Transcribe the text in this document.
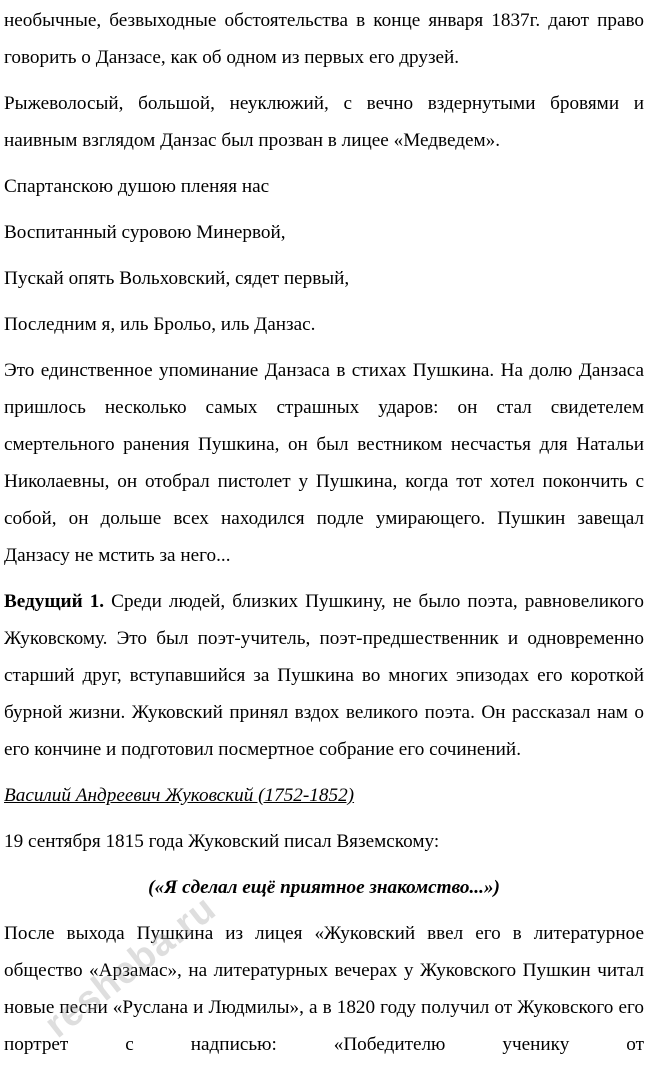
необычные, безвыходные обстоятельства в конце января 1837г. дают право говорить о Данзасе, как об одном из первых его друзей.

Рыжеволосый, большой, неуклюжий, с вечно вздернутыми бровями и наивным взглядом Данзас был прозван в лицее «Медведем».

Спартанскою душою пленяя нас

Воспитанный суровою Минервой,

Пускай опять Вольховский, сядет первый,

Последним я, иль Брольо, иль Данзас.

Это единственное упоминание Данзаса в стихах Пушкина. На долю Данзаса пришлось несколько самых страшных ударов: он стал свидетелем смертельного ранения Пушкина, он был вестником несчастья для Натальи Николаевны, он отобрал пистолет у Пушкина, когда тот хотел покончить с собой, он дольше всех находился подле умирающего. Пушкин завещал Данзасу не мстить за него...

Ведущий 1. Среди людей, близких Пушкину, не было поэта, равновеликого Жуковскому. Это был поэт-учитель, поэт-предшественник и одновременно старший друг, вступавшийся за Пушкина во многих эпизодах его короткой бурной жизни. Жуковский принял вздох великого поэта. Он рассказал нам о его кончине и подготовил посмертное собрание его сочинений.

Василий Андреевич Жуковский (1752-1852)

19 сентября 1815 года Жуковский писал Вяземскому:

(«Я сделал ещё приятное знакомство...»)

После выхода Пушкина из лицея «Жуковский ввел его в литературное общество «Арзамас», на литературных вечерах у Жуковского Пушкин читал новые песни «Руслана и Людмилы», а в 1820 году получил от Жуковского его портрет с надписью: «Победителю ученику от

resheba.ru
